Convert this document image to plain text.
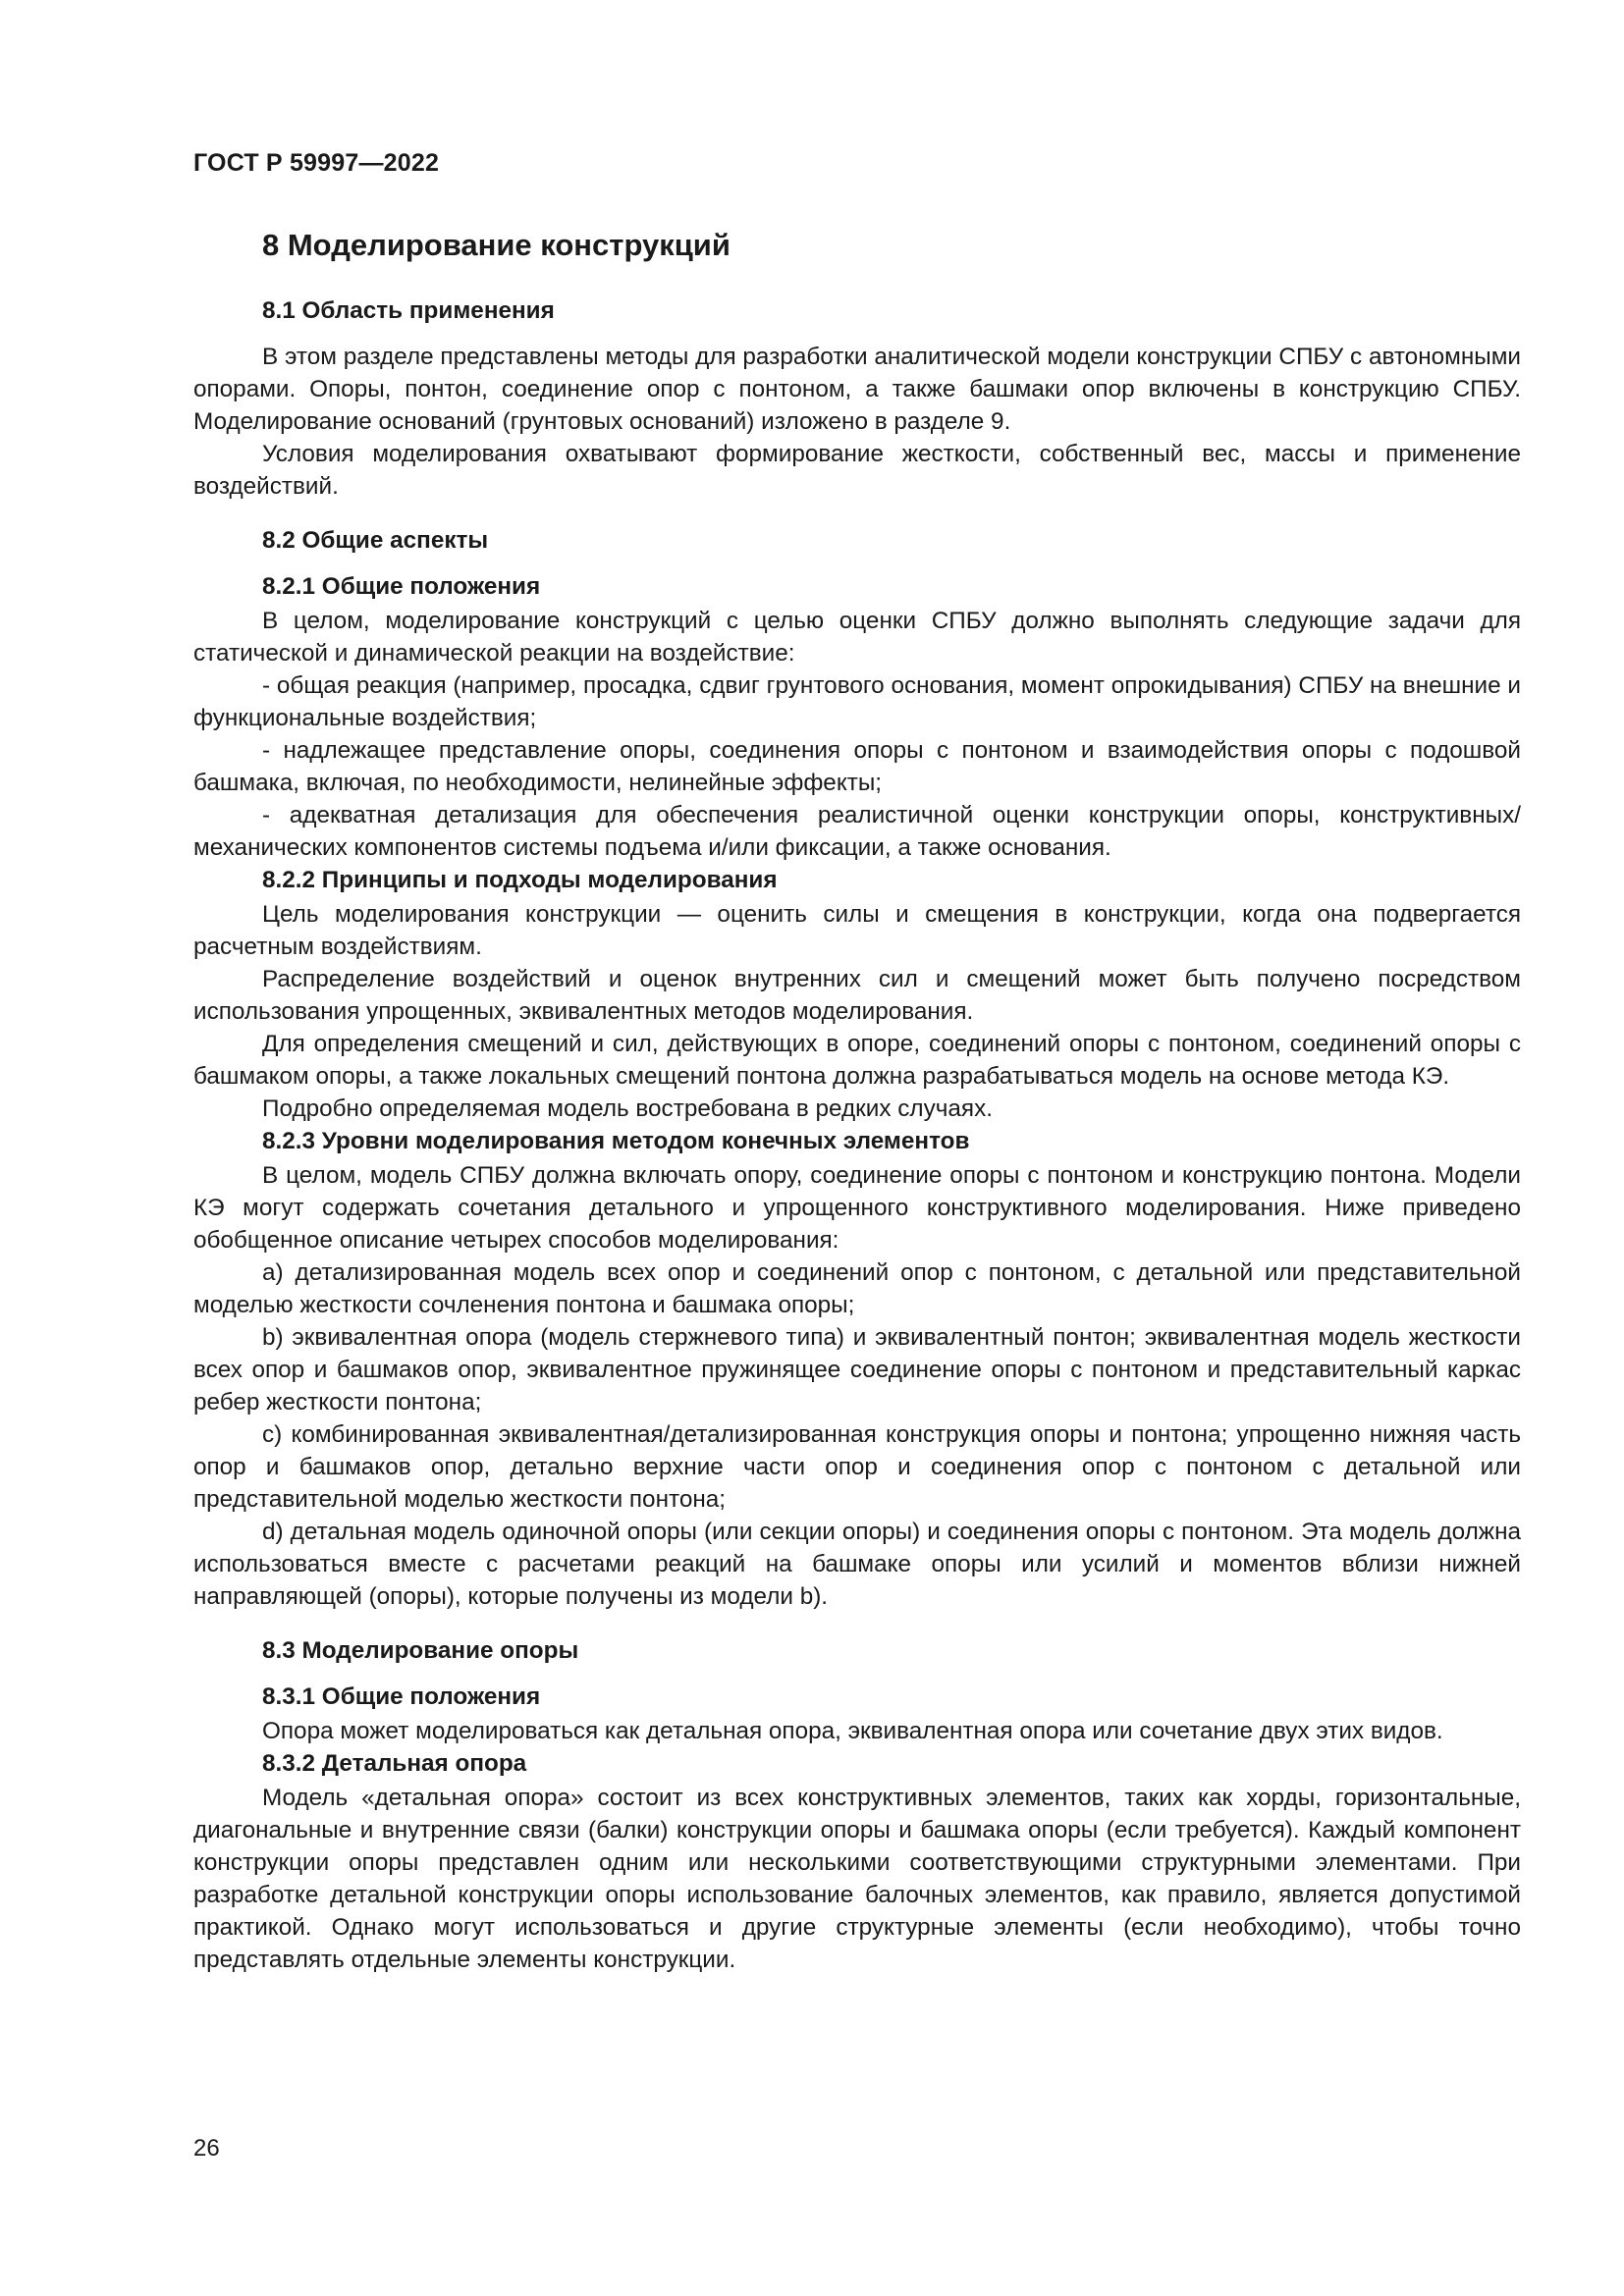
ГОСТ Р 59997—2022
8 Моделирование конструкций
8.1 Область применения

В этом разделе представлены методы для разработки аналитической модели конструкции СПБУ с автономными опорами. Опоры, понтон, соединение опор с понтоном, а также башмаки опор включены в конструкцию СПБУ. Моделирование оснований (грунтовых оснований) изложено в разделе 9.

Условия моделирования охватывают формирование жесткости, собственный вес, массы и применение воздействий.

8.2 Общие аспекты
8.2.1 Общие положения

В целом, моделирование конструкций с целью оценки СПБУ должно выполнять следующие задачи для статической и динамической реакции на воздействие:

- общая реакция (например, просадка, сдвиг грунтового основания, момент опрокидывания) СПБУ на внешние и функциональные воздействия;

- надлежащее представление опоры, соединения опоры с понтоном и взаимодействия опоры с подошвой башмака, включая, по необходимости, нелинейные эффекты;

- адекватная детализация для обеспечения реалистичной оценки конструкции опоры, конструктивных/механических компонентов системы подъема и/или фиксации, а также основания.

8.2.2 Принципы и подходы моделирования

Цель моделирования конструкции — оценить силы и смещения в конструкции, когда она подвергается расчетным воздействиям.

Распределение воздействий и оценок внутренних сил и смещений может быть получено посредством использования упрощенных, эквивалентных методов моделирования.

Для определения смещений и сил, действующих в опоре, соединений опоры с понтоном, соединений опоры с башмаком опоры, а также локальных смещений понтона должна разрабатываться модель на основе метода КЭ.

Подробно определяемая модель востребована в редких случаях.

8.2.3 Уровни моделирования методом конечных элементов

В целом, модель СПБУ должна включать опору, соединение опоры с понтоном и конструкцию понтона. Модели КЭ могут содержать сочетания детального и упрощенного конструктивного моделирования. Ниже приведено обобщенное описание четырех способов моделирования:

a) детализированная модель всех опор и соединений опор с понтоном, с детальной или представительной моделью жесткости сочленения понтона и башмака опоры;

b) эквивалентная опора (модель стержневого типа) и эквивалентный понтон; эквивалентная модель жесткости всех опор и башмаков опор, эквивалентное пружинящее соединение опоры с понтоном и представительный каркас ребер жесткости понтона;

c) комбинированная эквивалентная/детализированная конструкция опоры и понтона; упрощенно нижняя часть опор и башмаков опор, детально верхние части опор и соединения опор с понтоном с детальной или представительной моделью жесткости понтона;

d) детальная модель одиночной опоры (или секции опоры) и соединения опоры с понтоном. Эта модель должна использоваться вместе с расчетами реакций на башмаке опоры или усилий и моментов вблизи нижней направляющей (опоры), которые получены из модели b).

8.3 Моделирование опоры
8.3.1 Общие положения

Опора может моделироваться как детальная опора, эквивалентная опора или сочетание двух этих видов.

8.3.2 Детальная опора

Модель «детальная опора» состоит из всех конструктивных элементов, таких как хорды, горизонтальные, диагональные и внутренние связи (балки) конструкции опоры и башмака опоры (если требуется). Каждый компонент конструкции опоры представлен одним или несколькими соответствующими структурными элементами. При разработке детальной конструкции опоры использование балочных элементов, как правило, является допустимой практикой. Однако могут использоваться и другие структурные элементы (если необходимо), чтобы точно представлять отдельные элементы конструкции.

26
